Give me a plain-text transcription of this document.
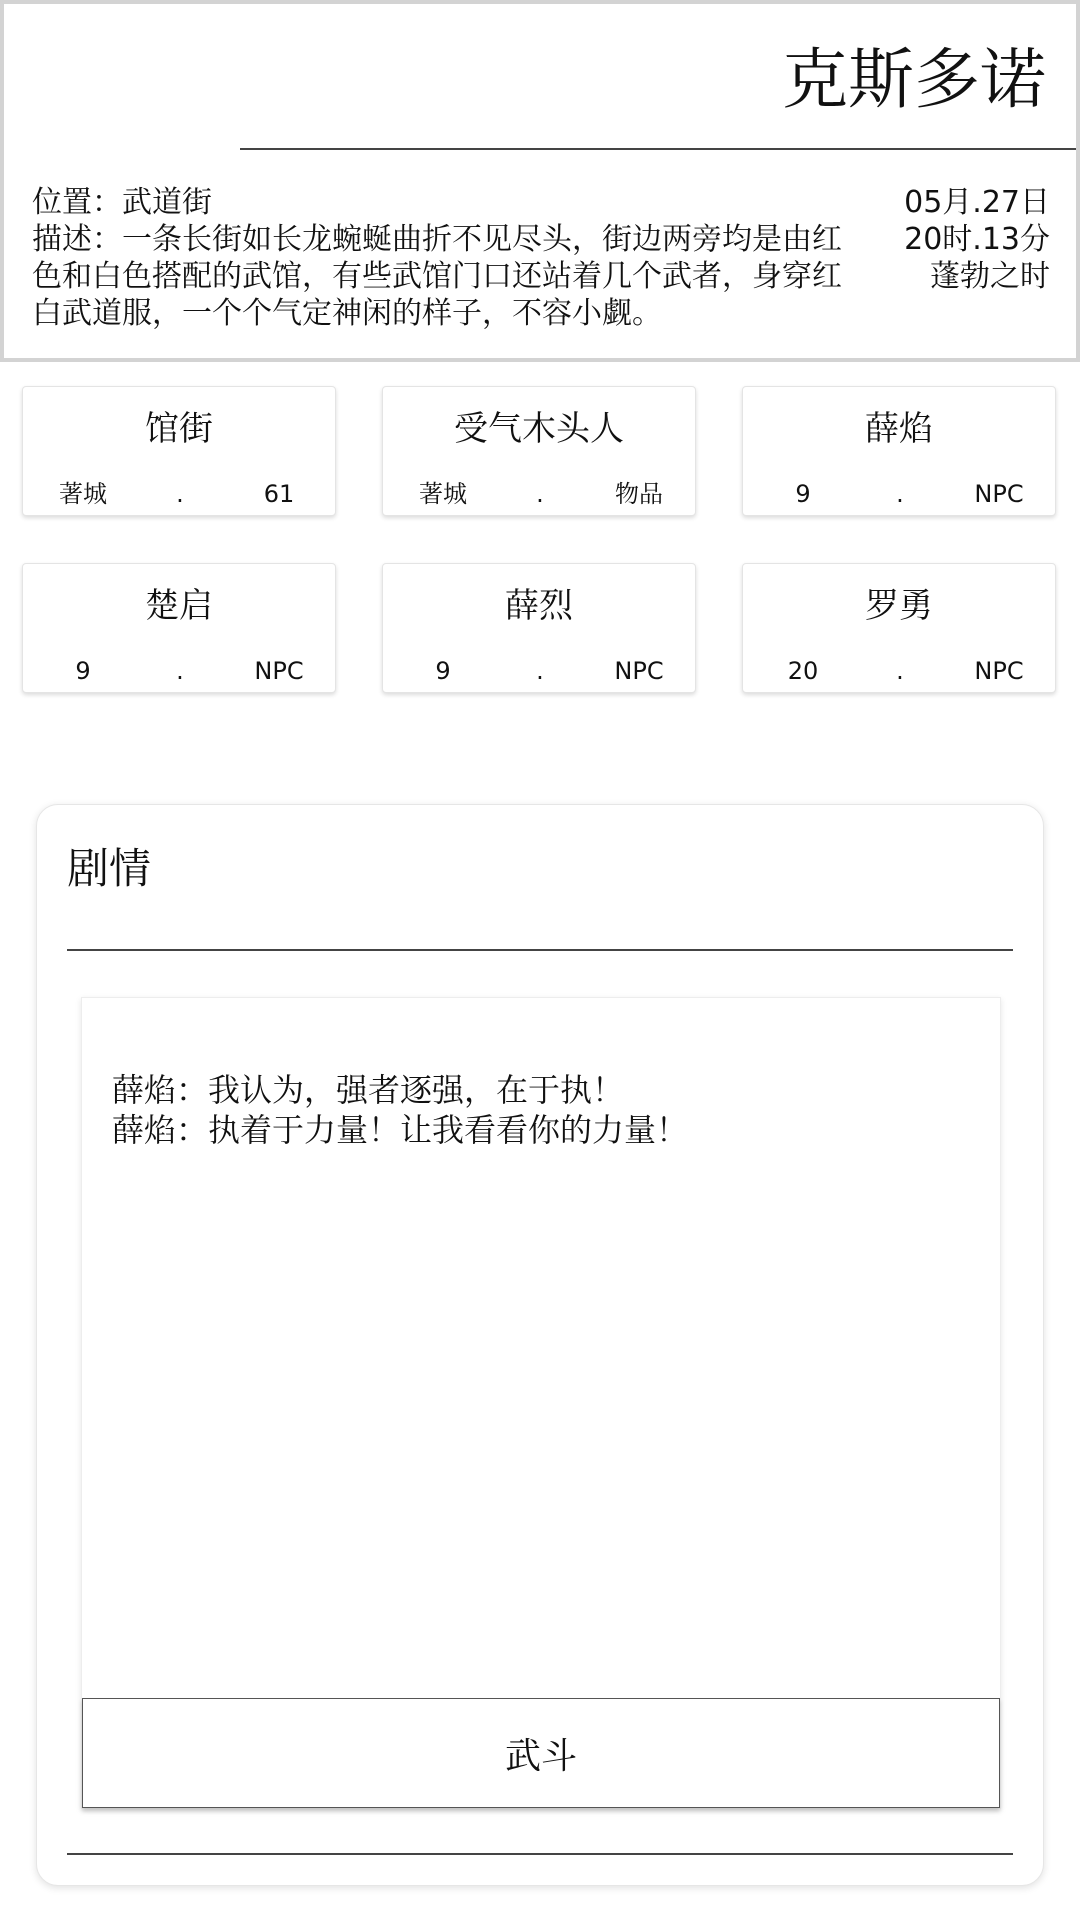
克斯多诺
位置：武道街
描述：一条长街如长龙蜿蜒曲折不见尽头，街边两旁均是由红色和白色搭配的武馆，有些武馆门口还站着几个武者，身穿红白武道服，一个个气定神闲的样子，不容小觑。
05月.27日
20时.13分
蓬勃之时
馆街
著城	.	61
受气木头人
著城	.	物品
薛焰
9	.	NPC
楚启
9	.	NPC
薛烈
9	.	NPC
罗勇
20	.	NPC
剧情
薛焰：我认为，强者逐强，在于执！
薛焰：执着于力量！让我看看你的力量！
武斗
